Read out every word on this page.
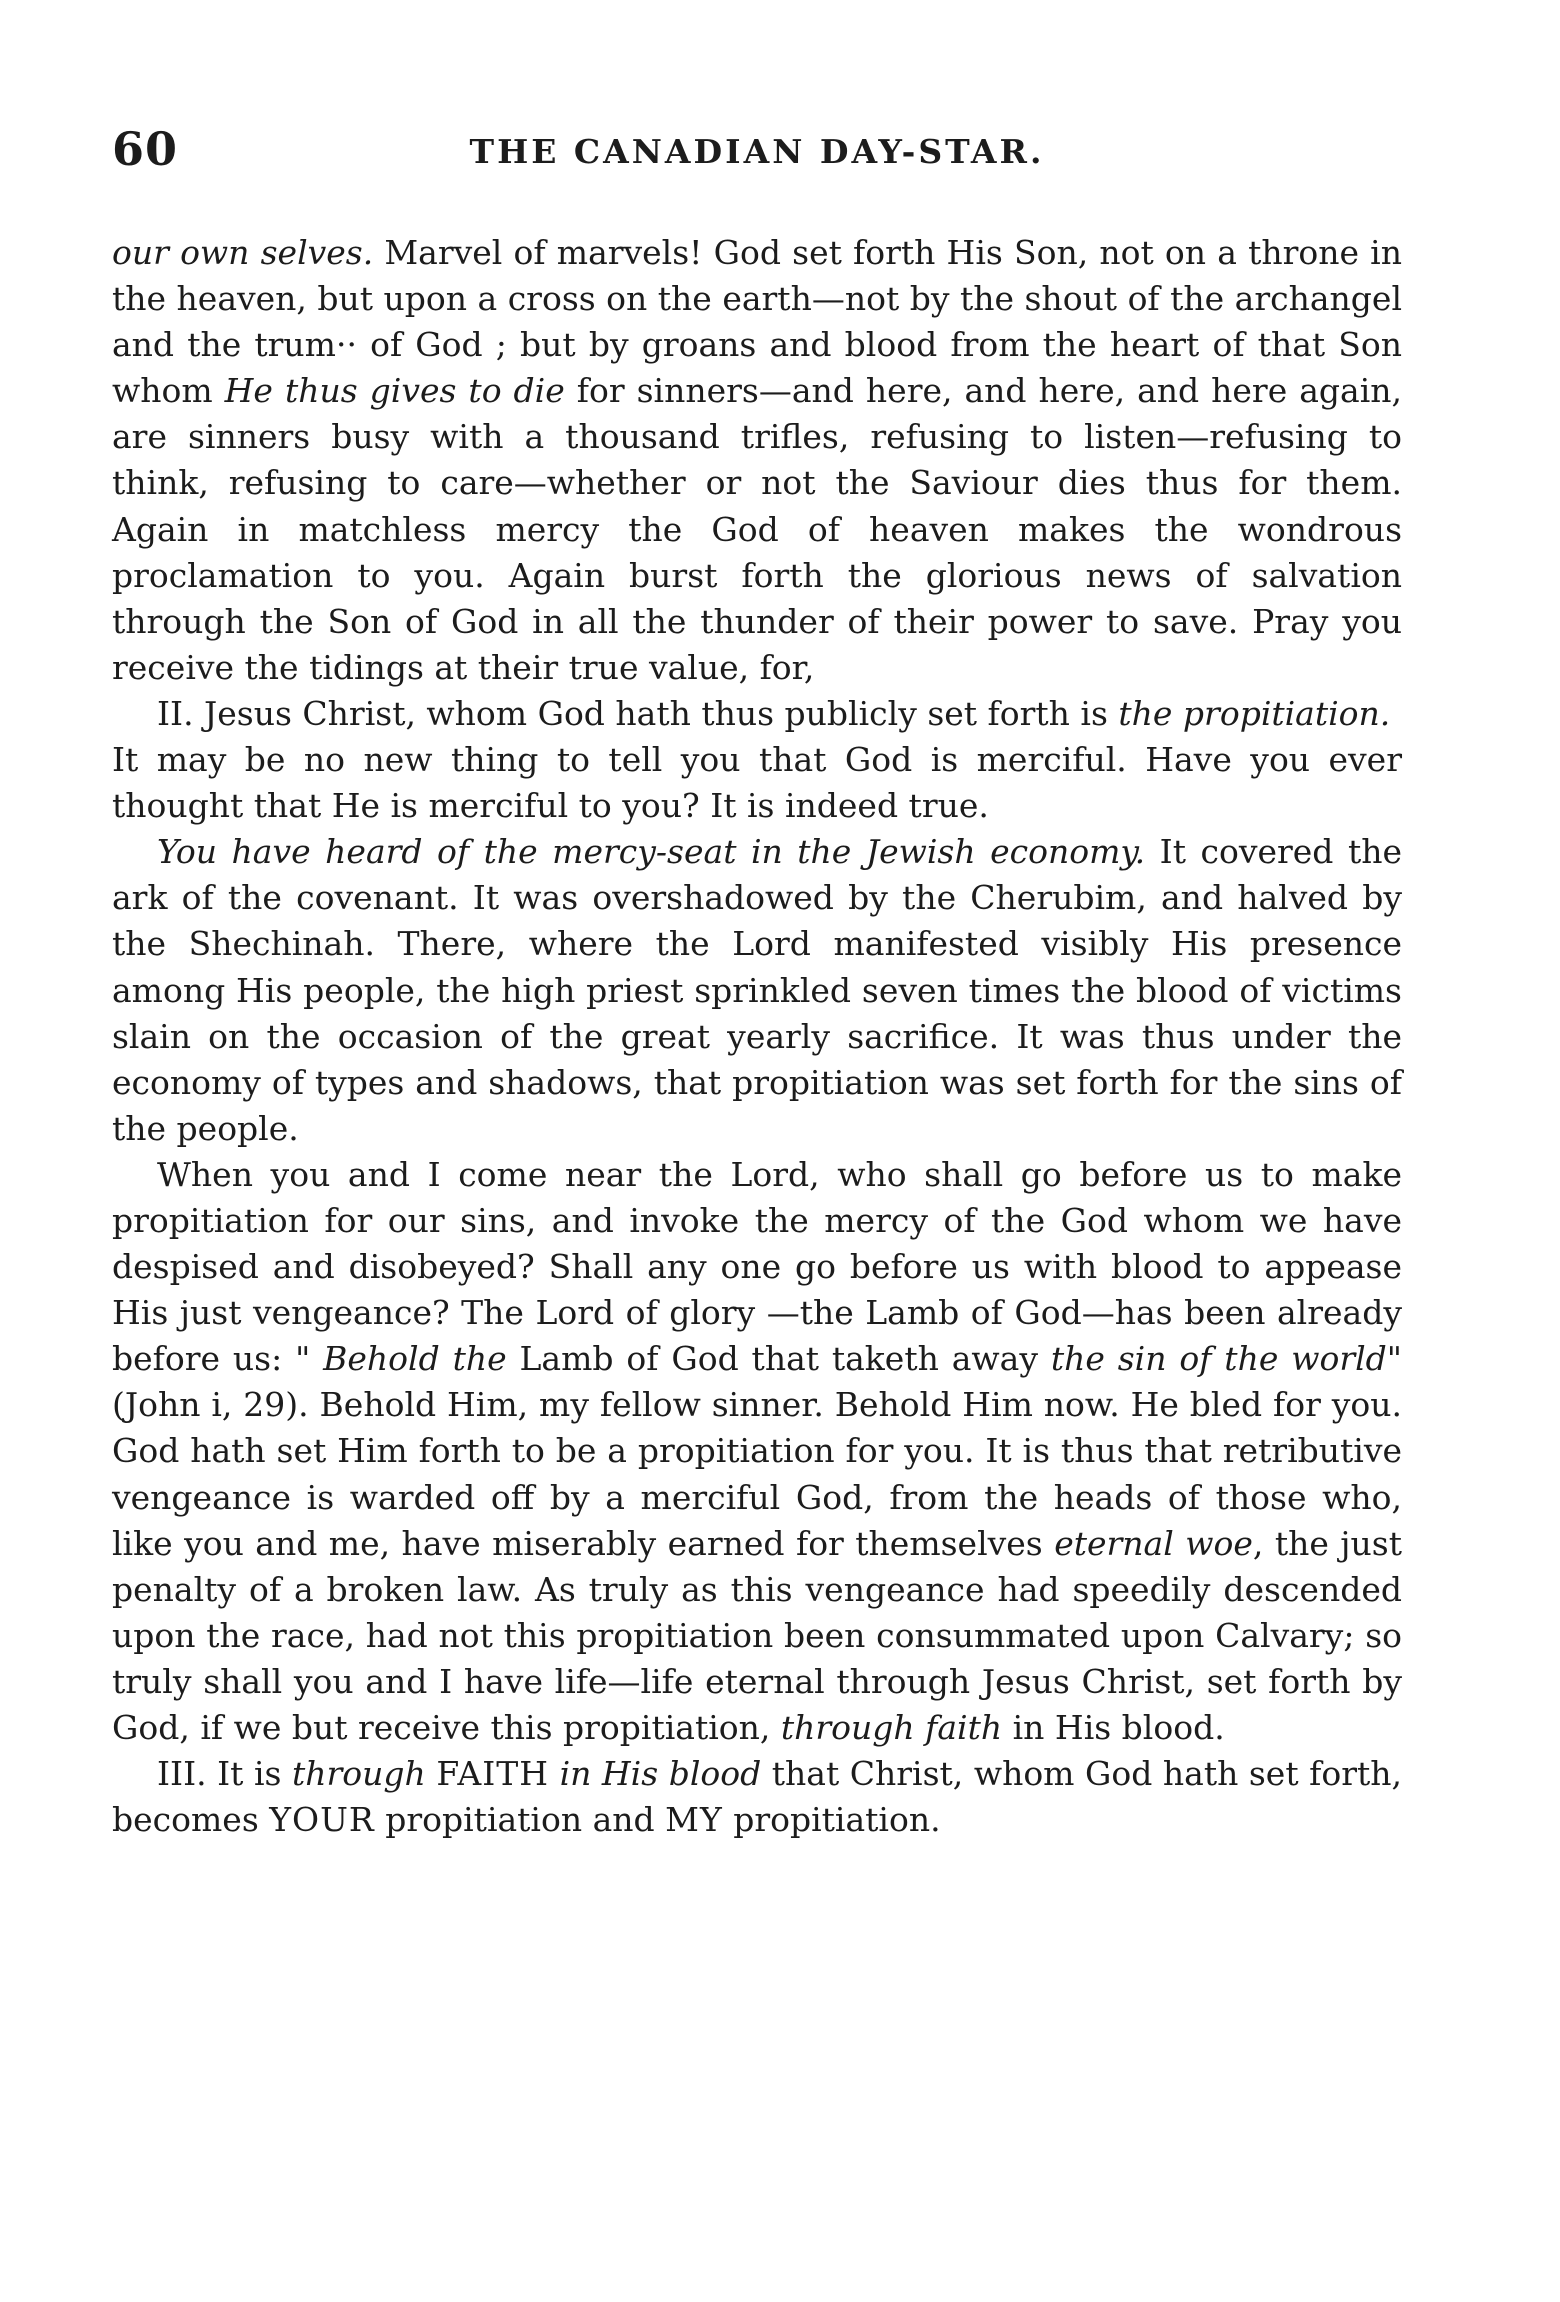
60	THE CANADIAN DAY-STAR.

our own selves. Marvel of marvels! God set forth His Son, not on a throne in the heaven, but upon a cross on the earth—not by the shout of the archangel and the trum·· of God ; but by groans and blood from the heart of that Son whom He thus gives to die for sinners—and here, and here, and here again, are sinners busy with a thousand trifles, refusing to listen—refusing to think, refusing to care—whether or not the Saviour dies thus for them. Again in matchless mercy the God of heaven makes the wondrous proclamation to you. Again burst forth the glorious news of salvation through the Son of God in all the thunder of their power to save. Pray you receive the tidings at their true value, for,

II. Jesus Christ, whom God hath thus publicly set forth is the propitiation.

It may be no new thing to tell you that God is merciful. Have you ever thought that He is merciful to you? It is indeed true.

You have heard of the mercy-seat in the Jewish economy. It covered the ark of the covenant. It was overshadowed by the Cherubim, and halved by the Shechinah. There, where the Lord manifested visibly His presence among His people, the high priest sprinkled seven times the blood of victims slain on the occasion of the great yearly sacrifice. It was thus under the economy of types and shadows, that propitiation was set forth for the sins of the people.

When you and I come near the Lord, who shall go before us to make propitiation for our sins, and invoke the mercy of the God whom we have despised and disobeyed? Shall any one go before us with blood to appease His just vengeance? The Lord of glory —the Lamb of God—has been already before us: " Behold the Lamb of God that taketh away the sin of the world" (John i, 29). Behold Him, my fellow sinner. Behold Him now. He bled for you. God hath set Him forth to be a propitiation for you. It is thus that retributive vengeance is warded off by a merciful God, from the heads of those who, like you and me, have miserably earned for themselves eternal woe, the just penalty of a broken law. As truly as this vengeance had speedily descended upon the race, had not this propitiation been consummated upon Calvary; so truly shall you and I have life—life eternal through Jesus Christ, set forth by God, if we but receive this propitiation, through faith in His blood.

III. It is through FAITH in His blood that Christ, whom God hath set forth, becomes YOUR propitiation and MY propitiation.
